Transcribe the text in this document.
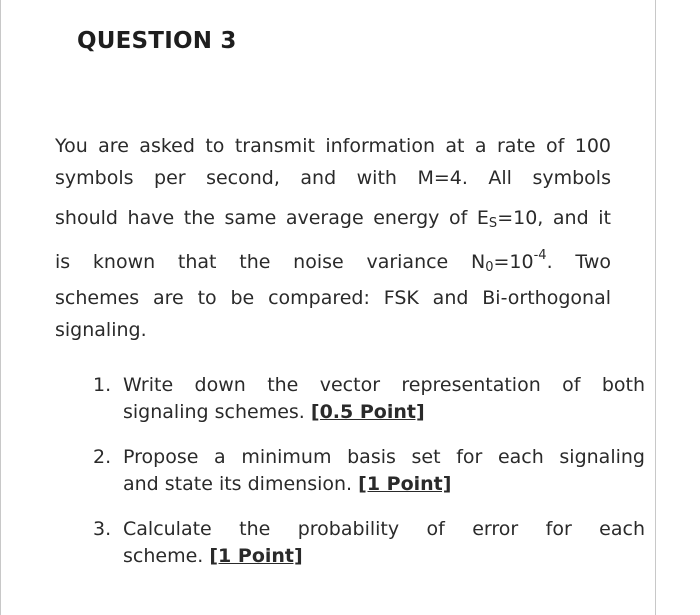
QUESTION 3
You are asked to transmit information at a rate of 100
symbols per second, and with M=4. All symbols
should have the same average energy of $E_S=10$, and it
is known that the noise variance $N_0=10^{-4}$. Two
schemes are to be compared: FSK and Bi-orthogonal
signaling.
1. Write down the vector representation of both
signaling schemes. [0.5 Point]
2. Propose a minimum basis set for each signaling
and state its dimension. [1 Point]
3. Calculate the probability of error for each
scheme. [1 Point]
